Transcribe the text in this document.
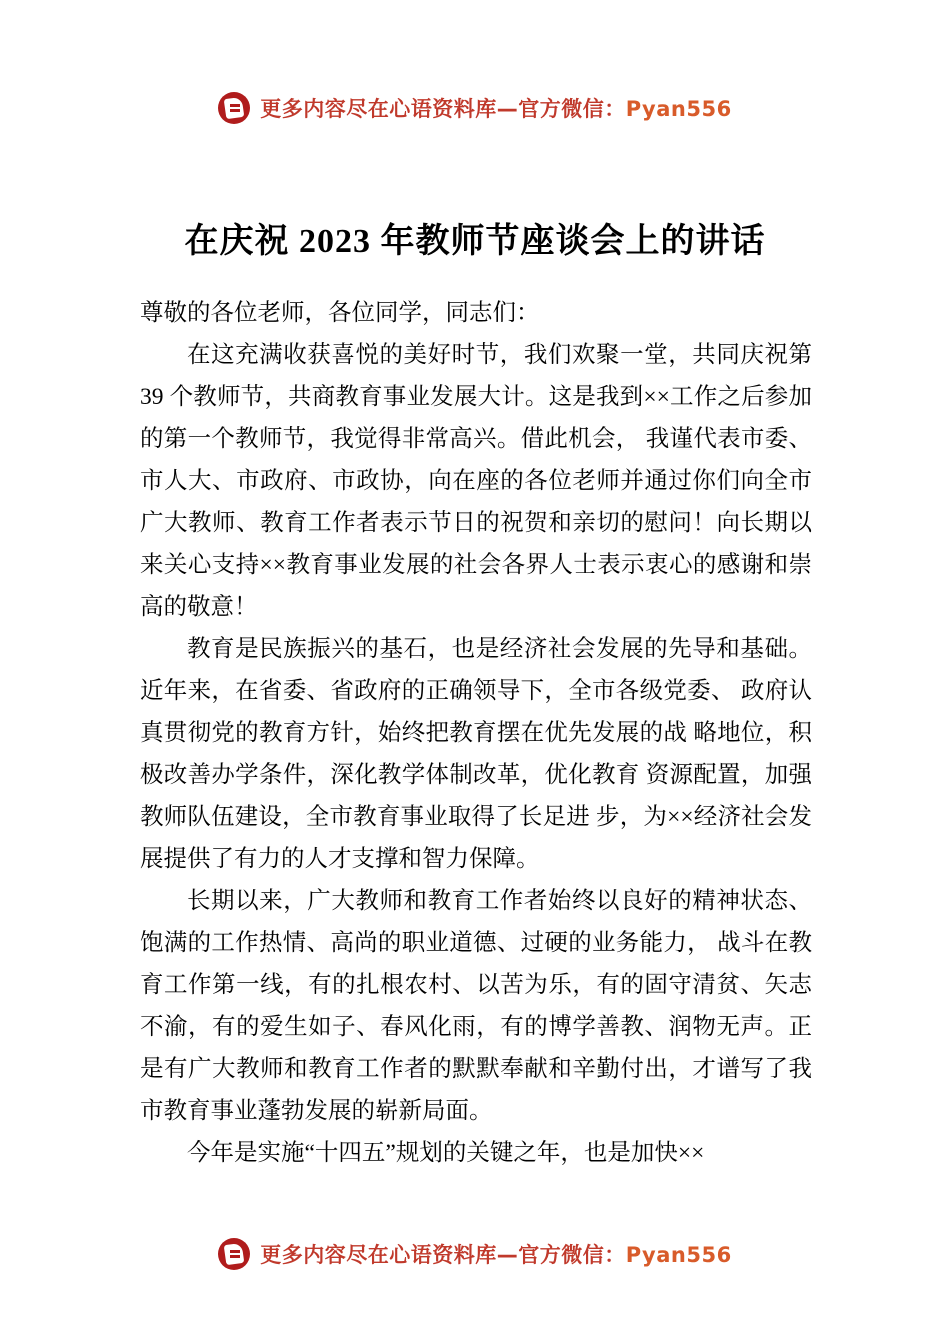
更多内容尽在心语资料库—官方微信：Pyan556
在庆祝 2023 年教师节座谈会上的讲话

尊敬的各位老师，各位同学，同志们：

在这充满收获喜悦的美好时节，我们欢聚一堂，共同庆祝第 39 个教师节，共商教育事业发展大计。这是我到××工作之后参加的第一个教师节，我觉得非常高兴。借此机会， 我谨代表市委、市人大、市政府、市政协，向在座的各位老师并通过你们向全市广大教师、教育工作者表示节日的祝贺和亲切的慰问！向长期以来关心支持××教育事业发展的社会各界人士表示衷心的感谢和崇高的敬意！

教育是民族振兴的基石，也是经济社会发展的先导和基础。近年来，在省委、省政府的正确领导下，全市各级党委、 政府认真贯彻党的教育方针，始终把教育摆在优先发展的战 略地位，积极改善办学条件，深化教学体制改革，优化教育 资源配置，加强教师队伍建设，全市教育事业取得了长足进 步，为××经济社会发展提供了有力的人才支撑和智力保障。

长期以来，广大教师和教育工作者始终以良好的精神状态、饱满的工作热情、高尚的职业道德、过硬的业务能力， 战斗在教育工作第一线，有的扎根农村、以苦为乐，有的固守清贫、矢志不渝，有的爱生如子、春风化雨，有的博学善教、润物无声。正是有广大教师和教育工作者的默默奉献和辛勤付出，才谱写了我市教育事业蓬勃发展的崭新局面。

今年是实施“十四五”规划的关键之年，也是加快××

更多内容尽在心语资料库—官方微信：Pyan556
